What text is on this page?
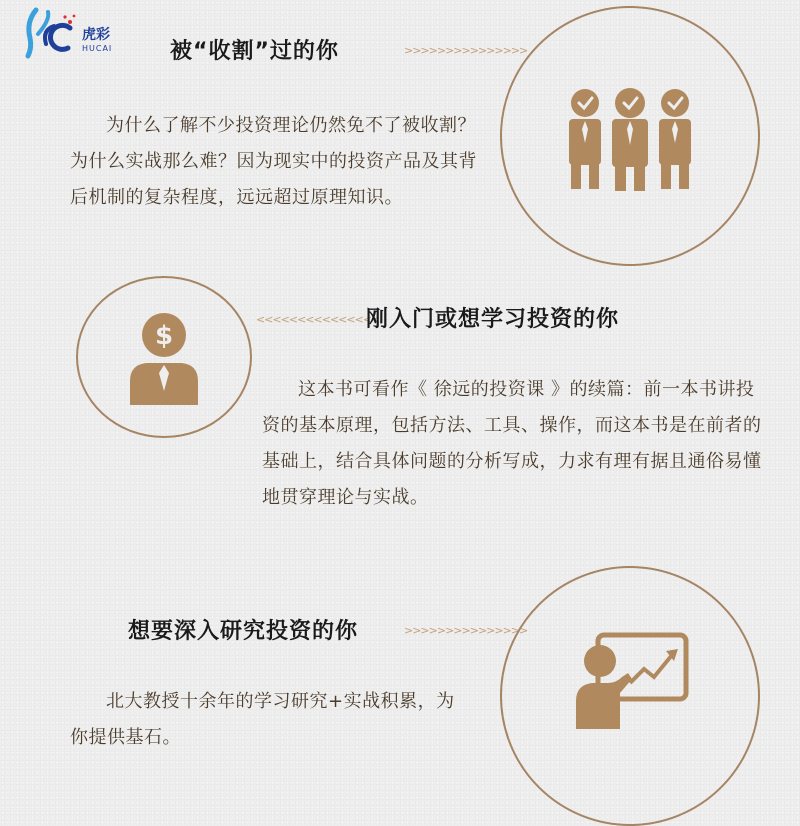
虎彩
HUCAI	被“收割”过的你	>>>>>>>>>>>>>>>
为什么了解不少投资理论仍然免不了被收割？为什么实战那么难？因为现实中的投资产品及其背后机制的复杂程度，远远超过原理知识。
$
<<<<<<<<<<<<<<<
刚入门或想学习投资的你
这本书可看作《 徐远的投资课 》的续篇：前一本书讲投资的基本原理，包括方法、工具、操作，而这本书是在前者的基础上，结合具体问题的分析写成，力求有理有据且通俗易懂地贯穿理论与实战。
想要深入研究投资的你	>>>>>>>>>>>>>>>
北大教授十余年的学习研究+实战积累，为你提供基石。
